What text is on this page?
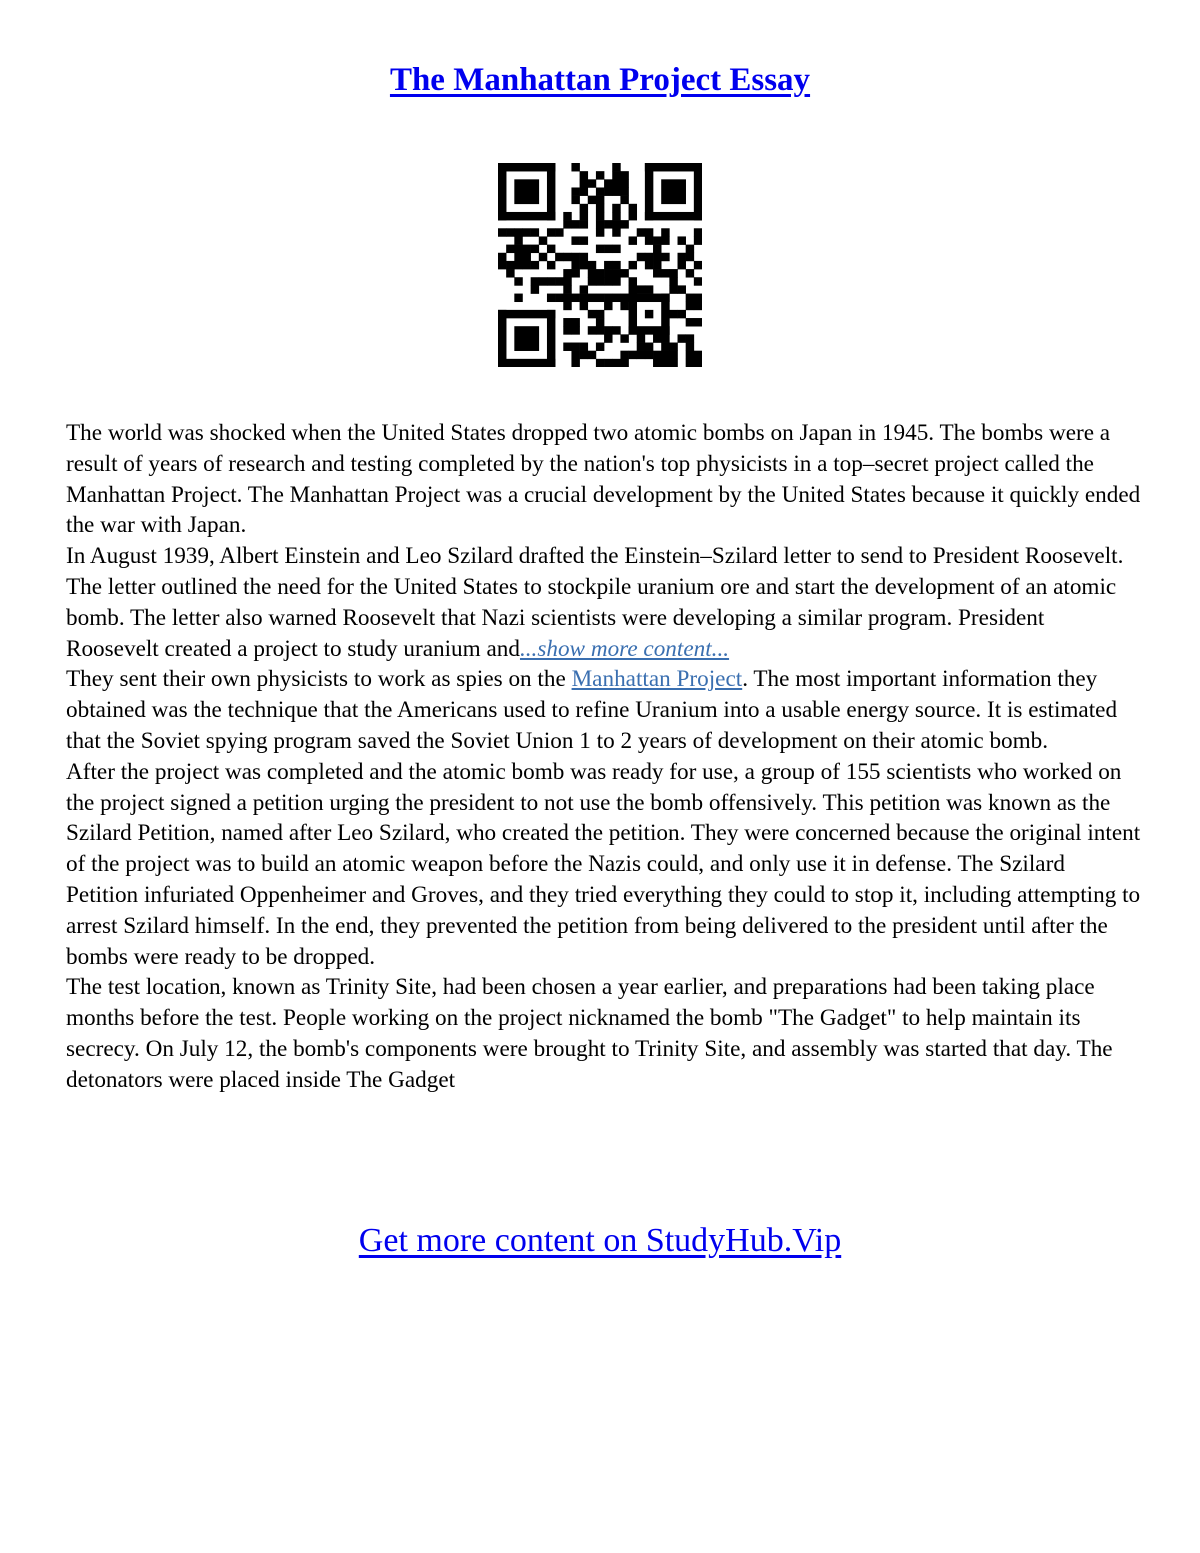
The Manhattan Project Essay

The world was shocked when the United States dropped two atomic bombs on Japan in 1945. The bombs were a result of years of research and testing completed by the nation's top physicists in a top–secret project called the Manhattan Project. The Manhattan Project was a crucial development by the United States because it quickly ended the war with Japan.

In August 1939, Albert Einstein and Leo Szilard drafted the Einstein–Szilard letter to send to President Roosevelt. The letter outlined the need for the United States to stockpile uranium ore and start the development of an atomic bomb. The letter also warned Roosevelt that Nazi scientists were developing a similar program. President Roosevelt created a project to study uranium and...show more content...

They sent their own physicists to work as spies on the Manhattan Project. The most important information they obtained was the technique that the Americans used to refine Uranium into a usable energy source. It is estimated that the Soviet spying program saved the Soviet Union 1 to 2 years of development on their atomic bomb.

After the project was completed and the atomic bomb was ready for use, a group of 155 scientists who worked on the project signed a petition urging the president to not use the bomb offensively. This petition was known as the Szilard Petition, named after Leo Szilard, who created the petition. They were concerned because the original intent of the project was to build an atomic weapon before the Nazis could, and only use it in defense. The Szilard Petition infuriated Oppenheimer and Groves, and they tried everything they could to stop it, including attempting to arrest Szilard himself. In the end, they prevented the petition from being delivered to the president until after the bombs were ready to be dropped.

The test location, known as Trinity Site, had been chosen a year earlier, and preparations had been taking place months before the test. People working on the project nicknamed the bomb "The Gadget" to help maintain its secrecy. On July 12, the bomb's components were brought to Trinity Site, and assembly was started that day. The detonators were placed inside The Gadget

Get more content on StudyHub.Vip
